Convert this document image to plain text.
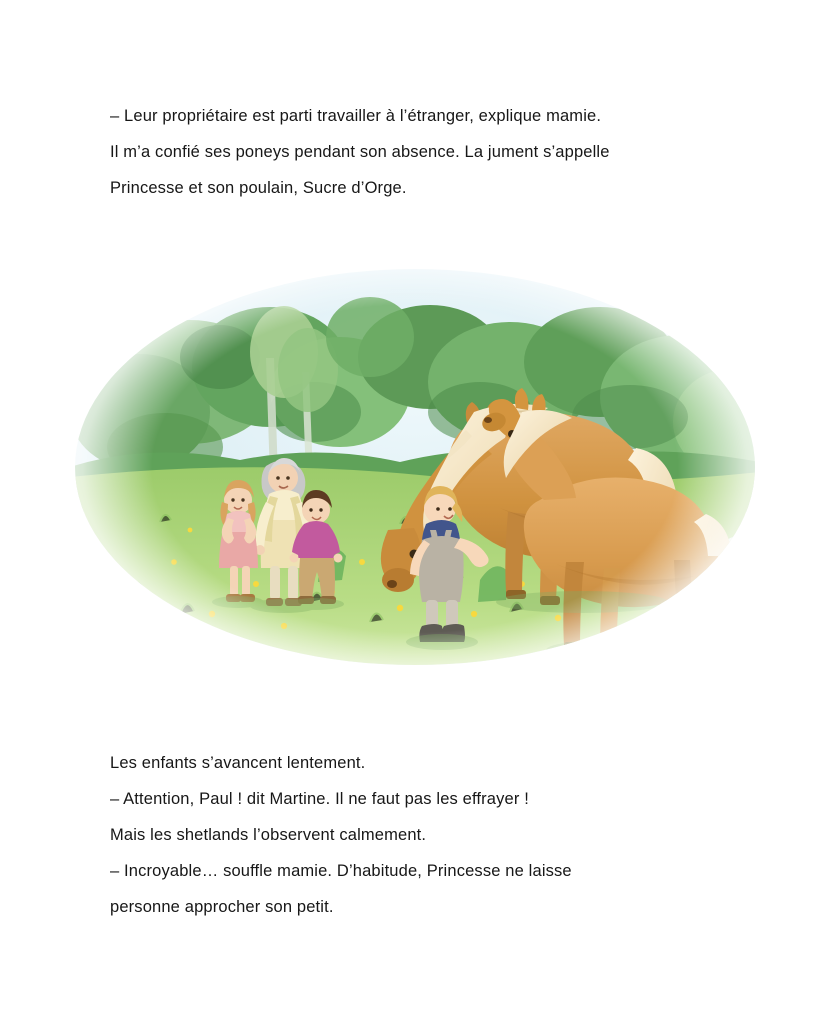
– Leur propriétaire est parti travailler à l’étranger, explique mamie.

Il m’a confié ses poneys pendant son absence. La jument s’appelle

Princesse et son poulain, Sucre d’Orge.

Les enfants s’avancent lentement.

– Attention, Paul ! dit Martine. Il ne faut pas les effrayer !

Mais les shetlands l’observent calmement.

– Incroyable… souffle mamie. D’habitude, Princesse ne laisse

personne approcher son petit.
